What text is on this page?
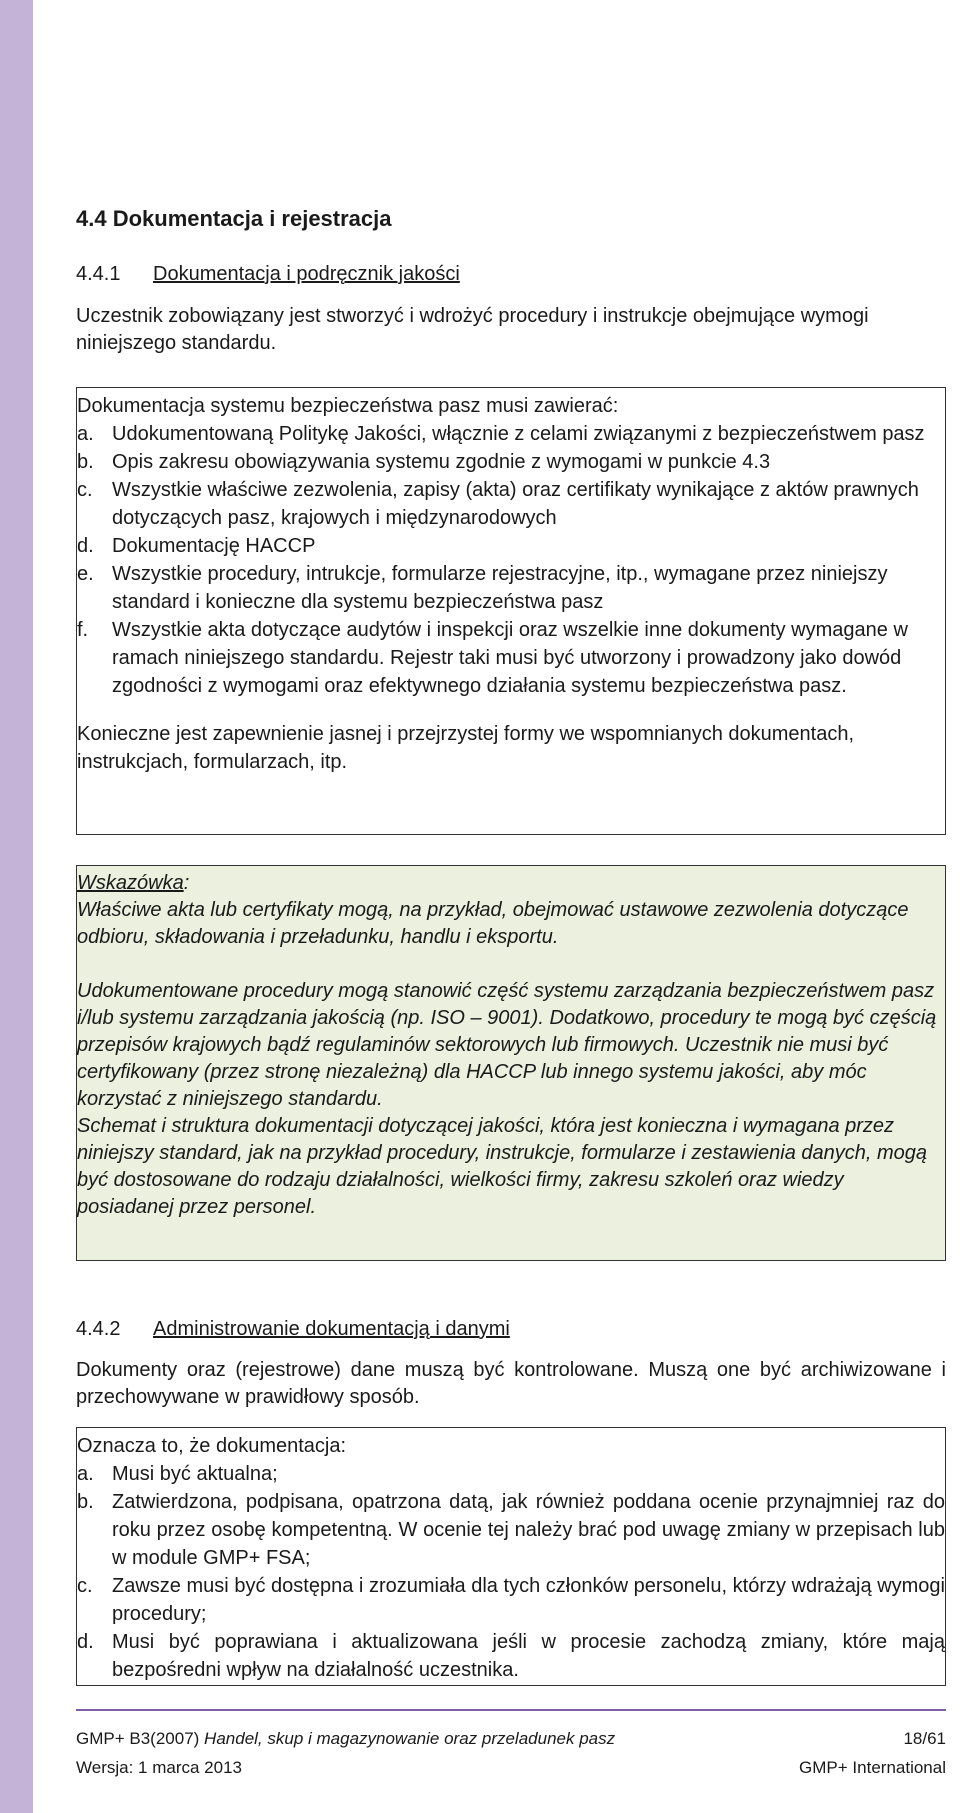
4.4 Dokumentacja i rejestracja
4.4.1 Dokumentacja i podręcznik jakości
Uczestnik zobowiązany jest stworzyć i wdrożyć procedury i instrukcje obejmujące wymogi niniejszego standardu.

Dokumentacja systemu bezpieczeństwa pasz musi zawierać:

a. Udokumentowaną Politykę Jakości, włącznie z celami związanymi z bezpieczeństwem pasz
b. Opis zakresu obowiązywania systemu zgodnie z wymogami w punkcie 4.3
c. Wszystkie właściwe zezwolenia, zapisy (akta) oraz certifikaty wynikające z aktów prawnych dotyczących pasz, krajowych i międzynarodowych
d. Dokumentację HACCP
e. Wszystkie procedury, intrukcje, formularze rejestracyjne, itp., wymagane przez niniejszy standard i konieczne dla systemu bezpieczeństwa pasz
f. Wszystkie akta dotyczące audytów i inspekcji oraz wszelkie inne dokumenty wymagane w ramach niniejszego standardu. Rejestr taki musi być utworzony i prowadzony jako dowód zgodności z wymogami oraz efektywnego działania systemu bezpieczeństwa pasz.

Konieczne jest zapewnienie jasnej i przejrzystej formy we wspomnianych dokumentach, instrukcjach, formularzach, itp.

Wskazówka:

Właściwe akta lub certyfikaty mogą, na przykład, obejmować ustawowe zezwolenia dotyczące odbioru, składowania i przeładunku, handlu i eksportu.

Udokumentowane procedury mogą stanowić część systemu zarządzania bezpieczeństwem pasz i/lub systemu zarządzania jakością (np. ISO – 9001). Dodatkowo, procedury te mogą być częścią przepisów krajowych bądź regulaminów sektorowych lub firmowych. Uczestnik nie musi być certyfikowany (przez stronę niezależną) dla HACCP lub innego systemu jakości, aby móc korzystać z niniejszego standardu.

Schemat i struktura dokumentacji dotyczącej jakości, która jest konieczna i wymagana przez niniejszy standard, jak na przykład procedury, instrukcje, formularze i zestawienia danych, mogą być dostosowane do rodzaju działalności, wielkości firmy, zakresu szkoleń oraz wiedzy posiadanej przez personel.

4.4.2 Administrowanie dokumentacją i danymi
Dokumenty oraz (rejestrowe) dane muszą być kontrolowane. Muszą one być archiwizowane i przechowywane w prawidłowy sposób.

Oznacza to, że dokumentacja:

a. Musi być aktualna;
b. Zatwierdzona, podpisana, opatrzona datą, jak również poddana ocenie przynajmniej raz do roku przez osobę kompetentną. W ocenie tej należy brać pod uwagę zmiany w przepisach lub w module GMP+ FSA;
c. Zawsze musi być dostępna i zrozumiała dla tych członków personelu, którzy wdrażają wymogi procedury;
d. Musi być poprawiana i aktualizowana jeśli w procesie zachodzą zmiany, które mają bezpośredni wpływ na działalność uczestnika.
GMP+ B3(2007) Handel, skup i magazynowanie oraz przeladunek pasz	18/61
Wersja: 1 marca 2013	GMP+ International
